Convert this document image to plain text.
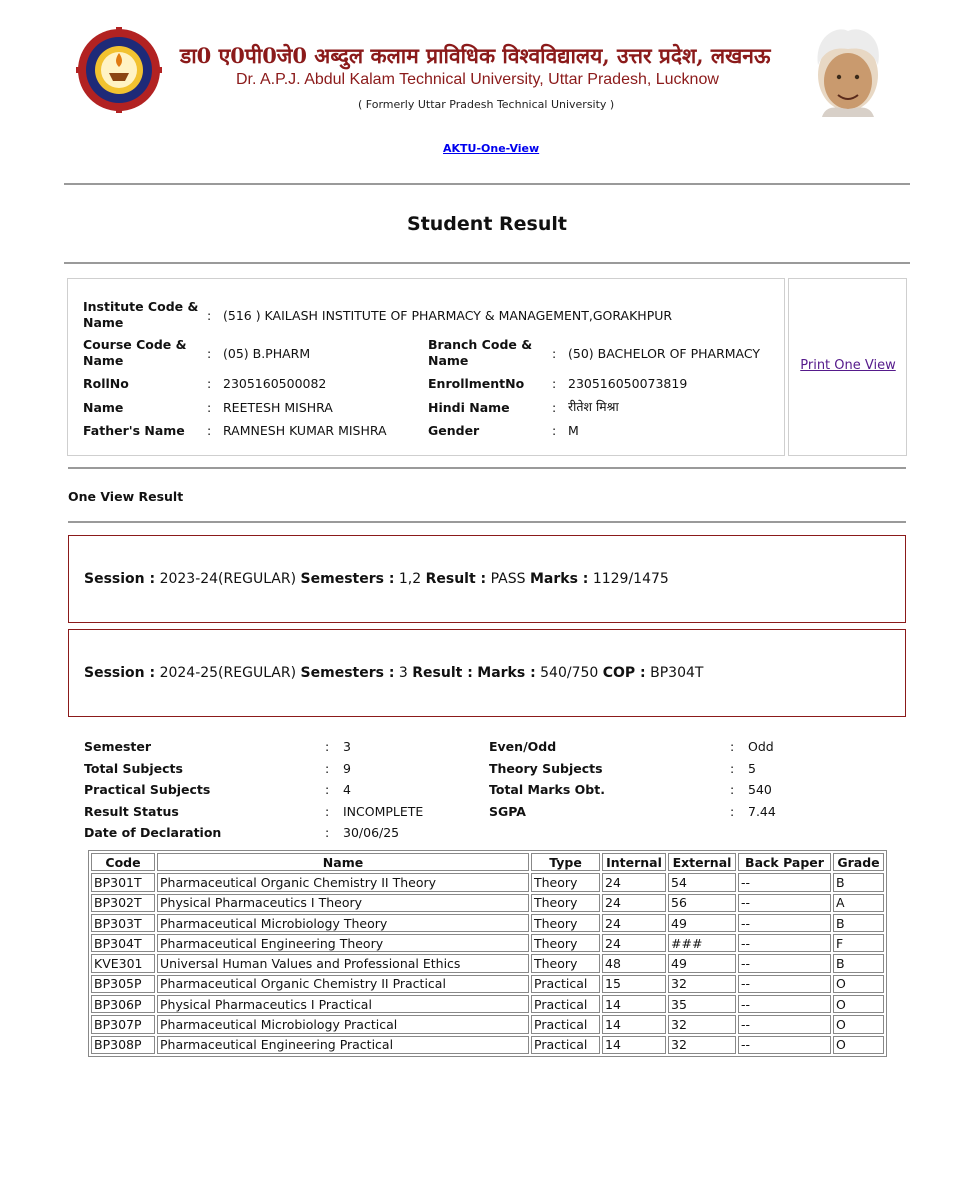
डा0 ए0पी0जे0 अब्दुल कलाम प्राविधिक विश्वविद्यालय, उत्तर प्रदेश, लखनऊ
Dr. A.P.J. Abdul Kalam Technical University, Uttar Pradesh, Lucknow
( Formerly Uttar Pradesh Technical University )
AKTU-One-View
Student Result
Print One View
Institute Code & Name	: (516 ) KAILASH INSTITUTE OF PHARMACY & MANAGEMENT,GORAKHPUR
Course Code & Name	: (05) B.PHARM
Branch Code & Name	: (50) BACHELOR OF PHARMACY
RollNo	: 2305160500082	EnrollmentNo : 230516050073819
Name	: REETESH MISHRA	Hindi Name	: रीतेश मिश्रा
Father's Name : RAMNESH KUMAR MISHRA	Gender	: M
One View Result
Session : 2023-24(REGULAR) Semesters : 1,2 Result : PASS Marks : 1129/1475
Session : 2024-25(REGULAR) Semesters : 3 Result : Marks : 540/750 COP : BP304T
Semester	: 3	Even/Odd	: Odd
Total Subjects	: 9	Theory Subjects	: 5
Practical Subjects	: 4	Total Marks Obt.	: 540
Result Status	: INCOMPLETE	SGPA	: 7.44
Date of Declaration	: 30/06/25
Code	Name	Type	Internal	External	Back Paper	Grade
BP301T	Pharmaceutical Organic Chemistry II Theory	Theory	24	54	--	B
BP302T	Physical Pharmaceutics I Theory	Theory	24	56	--	A
BP303T	Pharmaceutical Microbiology Theory	Theory	24	49	--	B
BP304T	Pharmaceutical Engineering Theory	Theory	24	###	--	F
KVE301	Universal Human Values and Professional Ethics	Theory	48	49	--	B
BP305P	Pharmaceutical Organic Chemistry II Practical	Practical	15	32	--	O
BP306P	Physical Pharmaceutics I Practical	Practical	14	35	--	O
BP307P	Pharmaceutical Microbiology Practical	Practical	14	32	--	O
BP308P	Pharmaceutical Engineering Practical	Practical	14	32	--	O
